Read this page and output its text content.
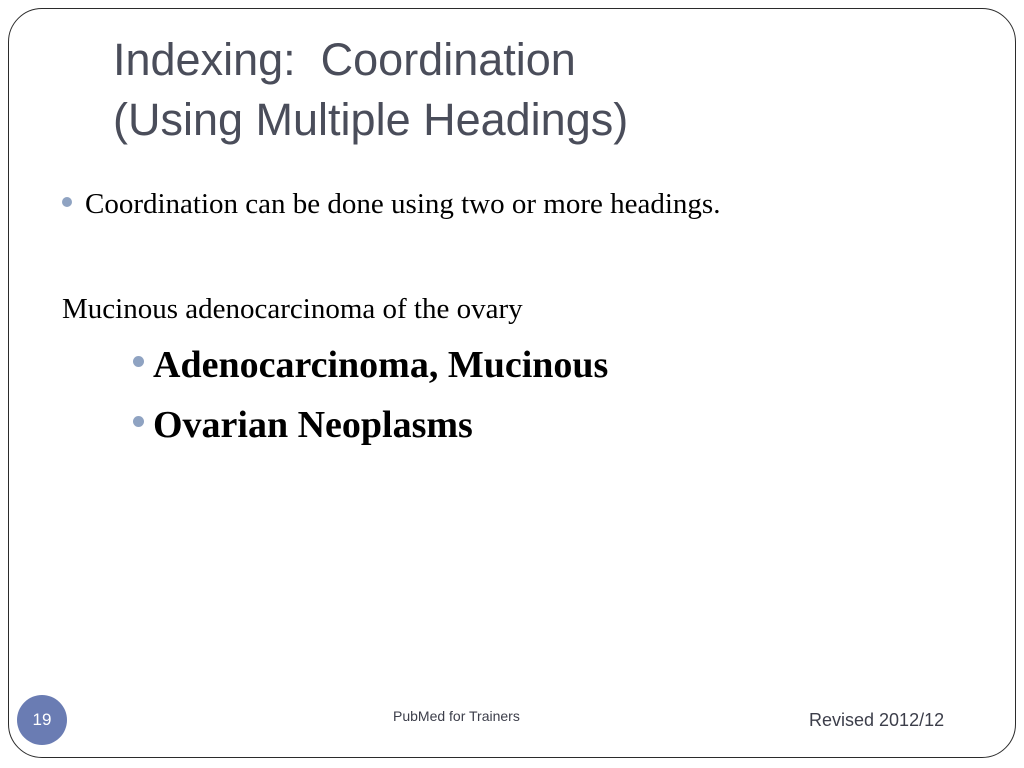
Indexing:  Coordination
(Using Multiple Headings)
Coordination can be done using two or more headings.
Mucinous adenocarcinoma of the ovary
Adenocarcinoma, Mucinous
Ovarian Neoplasms
19	PubMed for Trainers	Revised 2012/12
